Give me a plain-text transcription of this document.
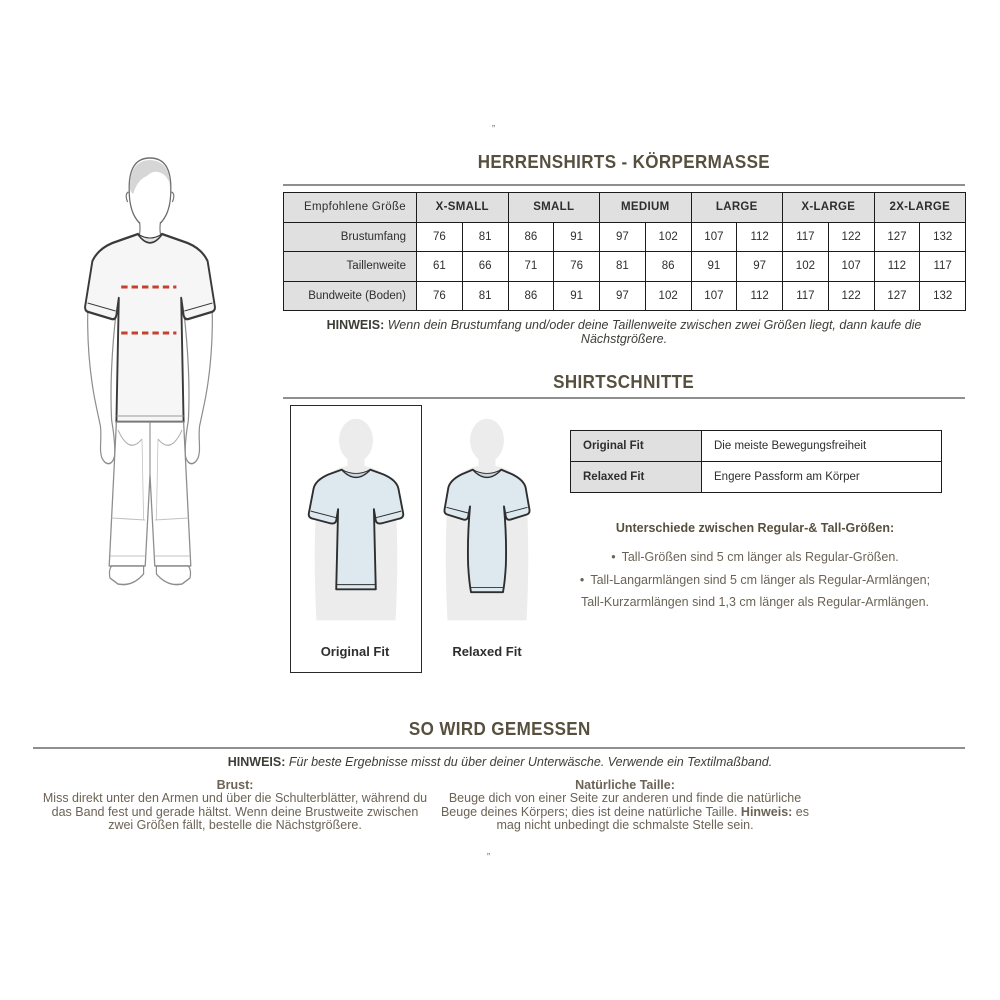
„
„
HERRENSHIRTS - KÖRPERMASSE
Empfohlene Größe	X-SMALL		SMALL		MEDIUM		LARGE		X-LARGE		2X-LARGE	
Brustumfang	76	81	86	91	97	102	107	112	117	122	127	132
Taillenweite	61	66	71	76	81	86	91	97	102	107	112	117
Bundweite (Boden)	76	81	86	91	97	102	107	112	117	122	127	132
HINWEIS: Wenn dein Brustumfang und/oder deine Taillenweite zwischen zwei Größen liegt, dann kaufe die Nächstgrößere.
SHIRTSCHNITTE
Original Fit	Relaxed Fit
Original Fit	Die meiste Bewegungsfreiheit
Relaxed Fit	Engere Passform am Körper
Unterschiede zwischen Regular-& Tall-Größen:
• Tall-Größen sind 5 cm länger als Regular-Größen.
• Tall-Langarmlängen sind 5 cm länger als Regular-Armlängen;
Tall-Kurzarmlängen sind 1,3 cm länger als Regular-Armlängen.
SO WIRD GEMESSEN
HINWEIS: Für beste Ergebnisse misst du über deiner Unterwäsche. Verwende ein Textilmaßband.
Brust:
Miss direkt unter den Armen und über die Schulterblätter, während du das Band fest und gerade hältst. Wenn deine Brustweite zwischen zwei Größen fällt, bestelle die Nächstgrößere.
Natürliche Taille:
Beuge dich von einer Seite zur anderen und finde die natürliche Beuge deines Körpers; dies ist deine natürliche Taille. Hinweis: es mag nicht unbedingt die schmalste Stelle sein.
